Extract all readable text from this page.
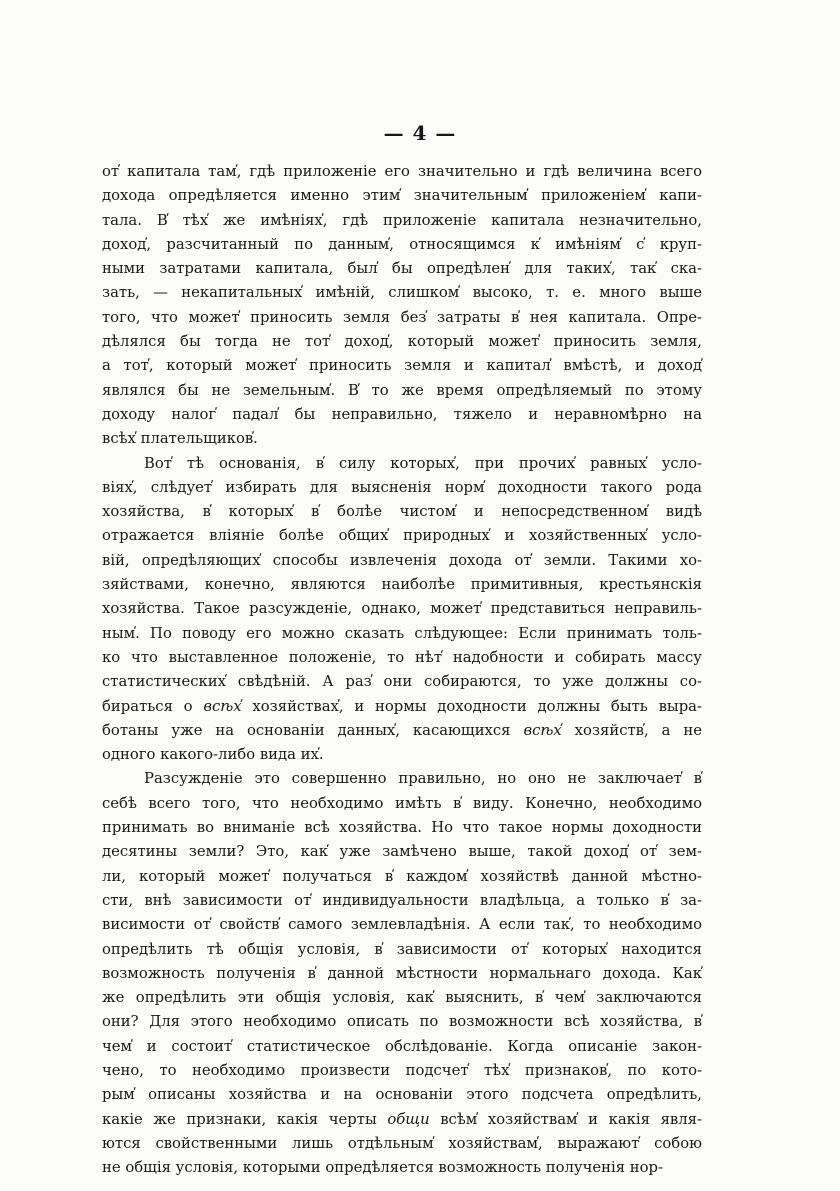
— 4 —
от̕ капитала там̕, гдѣ приложеніе его значительно и гдѣ величина всего
дохода опредѣляется именно этим̕ значительным̕ приложеніем̕ капи-
тала. В̕ тѣх̕ же имѣніях̕, гдѣ приложеніе капитала незначительно,
доход̕, разсчитанный по данным̕, относящимся к̕ имѣніям̕ с̕ круп-
ными затратами капитала, был̕ бы опредѣлен̕ для таких̕, так̕ ска-
зать, — некапитальных̕ имѣній, слишком̕ высоко, т. е. много выше
того, что может̕ приносить земля без̕ затраты в̕ нея капитала. Опре-
дѣлялся бы тогда не тот̕ доход̕, который может̕ приносить земля,
а тот̕, который может̕ приносить земля и капитал̕ вмѣстѣ, и доход̕
являлся бы не земельным̕. В̕ то же время опредѣляемый по этому
доходу налог̕ падал̕ бы неправильно, тяжело и неравномѣрно на
всѣх̕ плательщиков̕.
Вот̕ тѣ основанія, в̕ силу которых̕, при прочих̕ равных̕ усло-
віях̕, слѣдует̕ избирать для выясненія норм̕ доходности такого рода
хозяйства, в̕ которых̕ в̕ болѣе чистом̕ и непосредственном̕ видѣ
отражается вліяніе болѣе общих̕ природных̕ и хозяйственных̕ усло-
вій, опредѣляющих̕ способы извлеченія дохода от̕ земли. Такими хо-
зяйствами, конечно, являются наиболѣе примитивныя, крестьянскія
хозяйства. Такое разсужденіе, однако, может̕ представиться неправиль-
ным̕. По поводу его можно сказать слѣдующее: Если принимать толь-
ко что выставленное положеніе, то нѣт̕ надобности и собирать массу
статистических̕ свѣдѣній. А раз̕ они собираются, то уже должны со-
бираться о всѣх̕ хозяйствах̕, и нормы доходности должны быть выра-
ботаны уже на основаніи данных̕, касающихся всѣх̕ хозяйств̕, а не
одного какого-либо вида их̕.
Разсужденіе это совершенно правильно, но оно не заключает̕ в̕
себѣ всего того, что необходимо имѣть в̕ виду. Конечно, необходимо
принимать во вниманіе всѣ хозяйства. Но что такое нормы доходности
десятины земли? Это, как̕ уже замѣчено выше, такой доход̕ от̕ зем-
ли, который может̕ получаться в̕ каждом̕ хозяйствѣ данной мѣстно-
сти, внѣ зависимости от̕ индивидуальности владѣльца, а только в̕ за-
висимости от̕ свойств̕ самого землевладѣнія. А если так̕, то необходимо
опредѣлить тѣ общія условія, в̕ зависимости от̕ которых̕ находится
возможность полученія в̕ данной мѣстности нормальнаго дохода. Как̕
же опредѣлить эти общія условія, как̕ выяснить, в̕ чем̕ заключаются
они? Для этого необходимо описать по возможности всѣ хозяйства, в̕
чем̕ и состоит̕ статистическое обслѣдованіе. Когда описаніе закон-
чено, то необходимо произвести подсчет̕ тѣх̕ признаков̕, по кото-
рым̕ описаны хозяйства и на основаніи этого подсчета опредѣлить,
какіе же признаки, какія черты общи всѣм̕ хозяйствам̕ и какія явля-
ются свойственными лишь отдѣльным̕ хозяйствам̕, выражают̕ собою
не общія условія, которыми опредѣляется возможность полученія нор-
